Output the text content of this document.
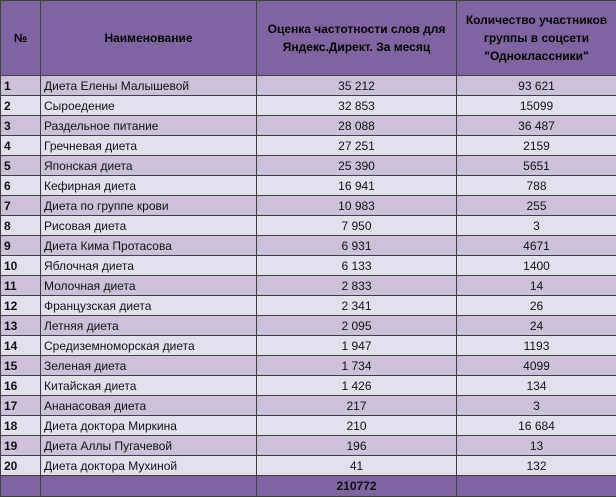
№	Наименование	Оценка частотности слов для Яндекс.Директ. За месяц	Количество участников группы в соцсети "Одноклассники"
1	Диета Елены Малышевой	35 212	93 621
2	Сыроедение	32 853	15099
3	Раздельное питание	28 088	36 487
4	Гречневая диета	27 251	2159
5	Японская диета	25 390	5651
6	Кефирная диета	16 941	788
7	Диета по группе крови	10 983	255
8	Рисовая диета	7 950	3
9	Диета Кима Протасова	6 931	4671
10	Яблочная диета	6 133	1400
11	Молочная диета	2 833	14
12	Французская диета	2 341	26
13	Летняя диета	2 095	24
14	Средиземноморская диета	1 947	1193
15	Зеленая диета	1 734	4099
16	Китайская диета	1 426	134
17	Ананасовая диета	217	3
18	Диета доктора Миркина	210	16 684
19	Диета Аллы Пугачевой	196	13
20	Диета доктора Мухиной	41	132
		210772	
